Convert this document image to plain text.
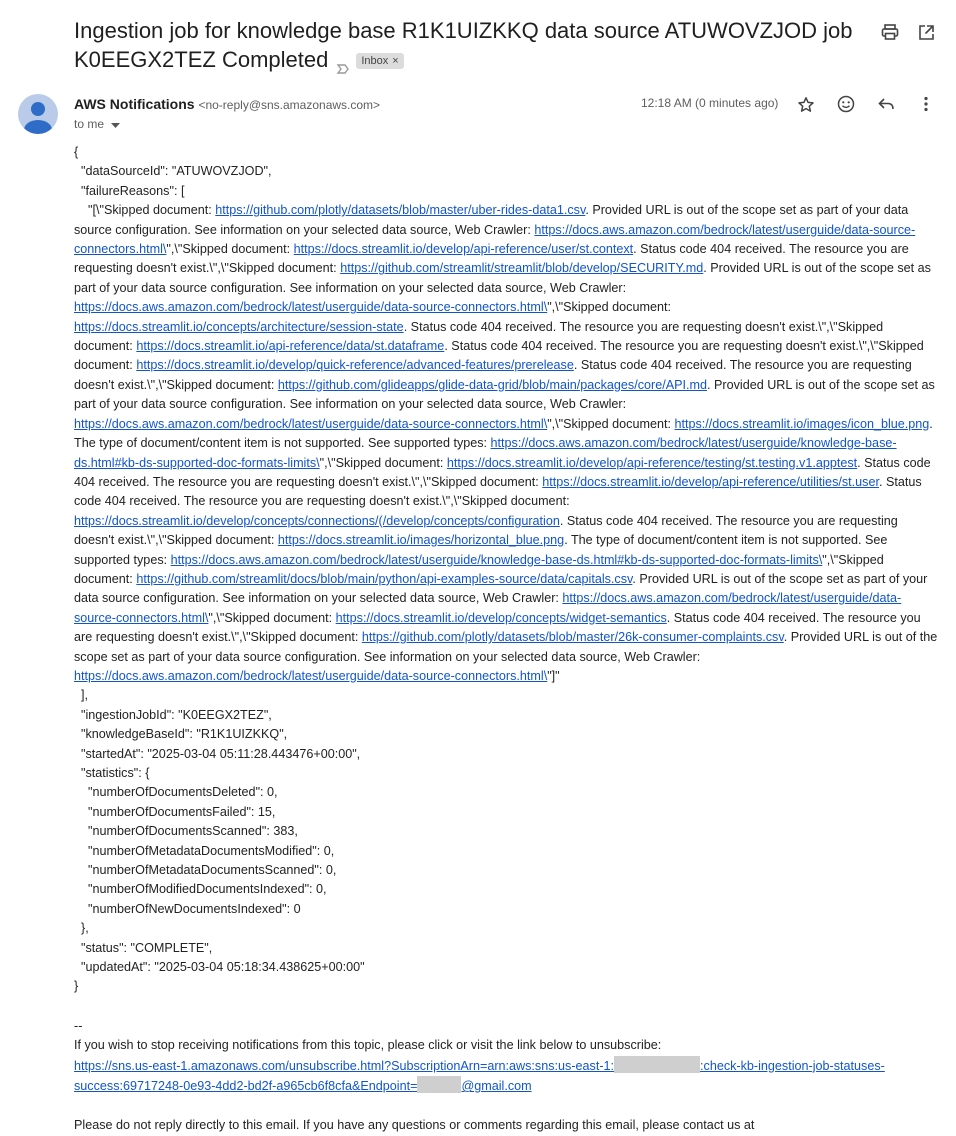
Ingestion job for knowledge base R1K1UIZKKQ data source ATUWOVZJOD job K0EEGX2TEZ Completed	Inbox ×
AWS Notifications <no-reply@sns.amazonaws.com>
to me
12:18 AM (0 minutes ago)
{
"dataSourceId": "ATUWOVZJOD",
"failureReasons": [
"[\"Skipped document: https://github.com/plotly/datasets/blob/master/uber-rides-data1.csv. Provided URL is out of the scope set as part of your data source configuration. See information on your selected data source, Web Crawler: https://docs.aws.amazon.com/bedrock/latest/userguide/data-source-connectors.html\",\"Skipped document: https://docs.streamlit.io/develop/api-reference/user/st.context. Status code 404 received. The resource you are requesting doesn't exist.\",\"Skipped document: https://github.com/streamlit/streamlit/blob/develop/SECURITY.md. Provided URL is out of the scope set as part of your data source configuration. See information on your selected data source, Web Crawler: https://docs.aws.amazon.com/bedrock/latest/userguide/data-source-connectors.html\",\"Skipped document: https://docs.streamlit.io/concepts/architecture/session-state. Status code 404 received. The resource you are requesting doesn't exist.\",\"Skipped document: https://docs.streamlit.io/api-reference/data/st.dataframe. Status code 404 received. The resource you are requesting doesn't exist.\",\"Skipped document: https://docs.streamlit.io/develop/quick-reference/advanced-features/prerelease. Status code 404 received. The resource you are requesting doesn't exist.\",\"Skipped document: https://github.com/glideapps/glide-data-grid/blob/main/packages/core/API.md. Provided URL is out of the scope set as part of your data source configuration. See information on your selected data source, Web Crawler: https://docs.aws.amazon.com/bedrock/latest/userguide/data-source-connectors.html\",\"Skipped document: https://docs.streamlit.io/images/icon_blue.png. The type of document/content item is not supported. See supported types: https://docs.aws.amazon.com/bedrock/latest/userguide/knowledge-base-ds.html#kb-ds-supported-doc-formats-limits\",\"Skipped document: https://docs.streamlit.io/develop/api-reference/testing/st.testing.v1.apptest. Status code 404 received. The resource you are requesting doesn't exist.\",\"Skipped document: https://docs.streamlit.io/develop/api-reference/utilities/st.user. Status code 404 received. The resource you are requesting doesn't exist.\",\"Skipped document: https://docs.streamlit.io/develop/concepts/connections/(/develop/concepts/configuration. Status code 404 received. The resource you are requesting doesn't exist.\",\"Skipped document: https://docs.streamlit.io/images/horizontal_blue.png. The type of document/content item is not supported. See supported types: https://docs.aws.amazon.com/bedrock/latest/userguide/knowledge-base-ds.html#kb-ds-supported-doc-formats-limits\",\"Skipped document: https://github.com/streamlit/docs/blob/main/python/api-examples-source/data/capitals.csv. Provided URL is out of the scope set as part of your data source configuration. See information on your selected data source, Web Crawler: https://docs.aws.amazon.com/bedrock/latest/userguide/data-source-connectors.html\",\"Skipped document: https://docs.streamlit.io/develop/concepts/widget-semantics. Status code 404 received. The resource you are requesting doesn't exist.\",\"Skipped document: https://github.com/plotly/datasets/blob/master/26k-consumer-complaints.csv. Provided URL is out of the scope set as part of your data source configuration. See information on your selected data source, Web Crawler: https://docs.aws.amazon.com/bedrock/latest/userguide/data-source-connectors.html\"]"
],
"ingestionJobId": "K0EEGX2TEZ",
"knowledgeBaseId": "R1K1UIZKKQ",
"startedAt": "2025-03-04 05:11:28.443476+00:00",
"statistics": {
"numberOfDocumentsDeleted": 0,
"numberOfDocumentsFailed": 15,
"numberOfDocumentsScanned": 383,
"numberOfMetadataDocumentsModified": 0,
"numberOfMetadataDocumentsScanned": 0,
"numberOfModifiedDocumentsIndexed": 0,
"numberOfNewDocumentsIndexed": 0
},
"status": "COMPLETE",
"updatedAt": "2025-03-04 05:18:34.438625+00:00"
}
--
If you wish to stop receiving notifications from this topic, please click or visit the link below to unsubscribe:
https://sns.us-east-1.amazonaws.com/unsubscribe.html?SubscriptionArn=arn:aws:sns:us-east-1:	:check-kb-ingestion-job-statuses-success:69717248-0e93-4dd2-bd2f-a965cb6f8cfa&Endpoint=	@gmail.com
Please do not reply directly to this email. If you have any questions or comments regarding this email, please contact us at
